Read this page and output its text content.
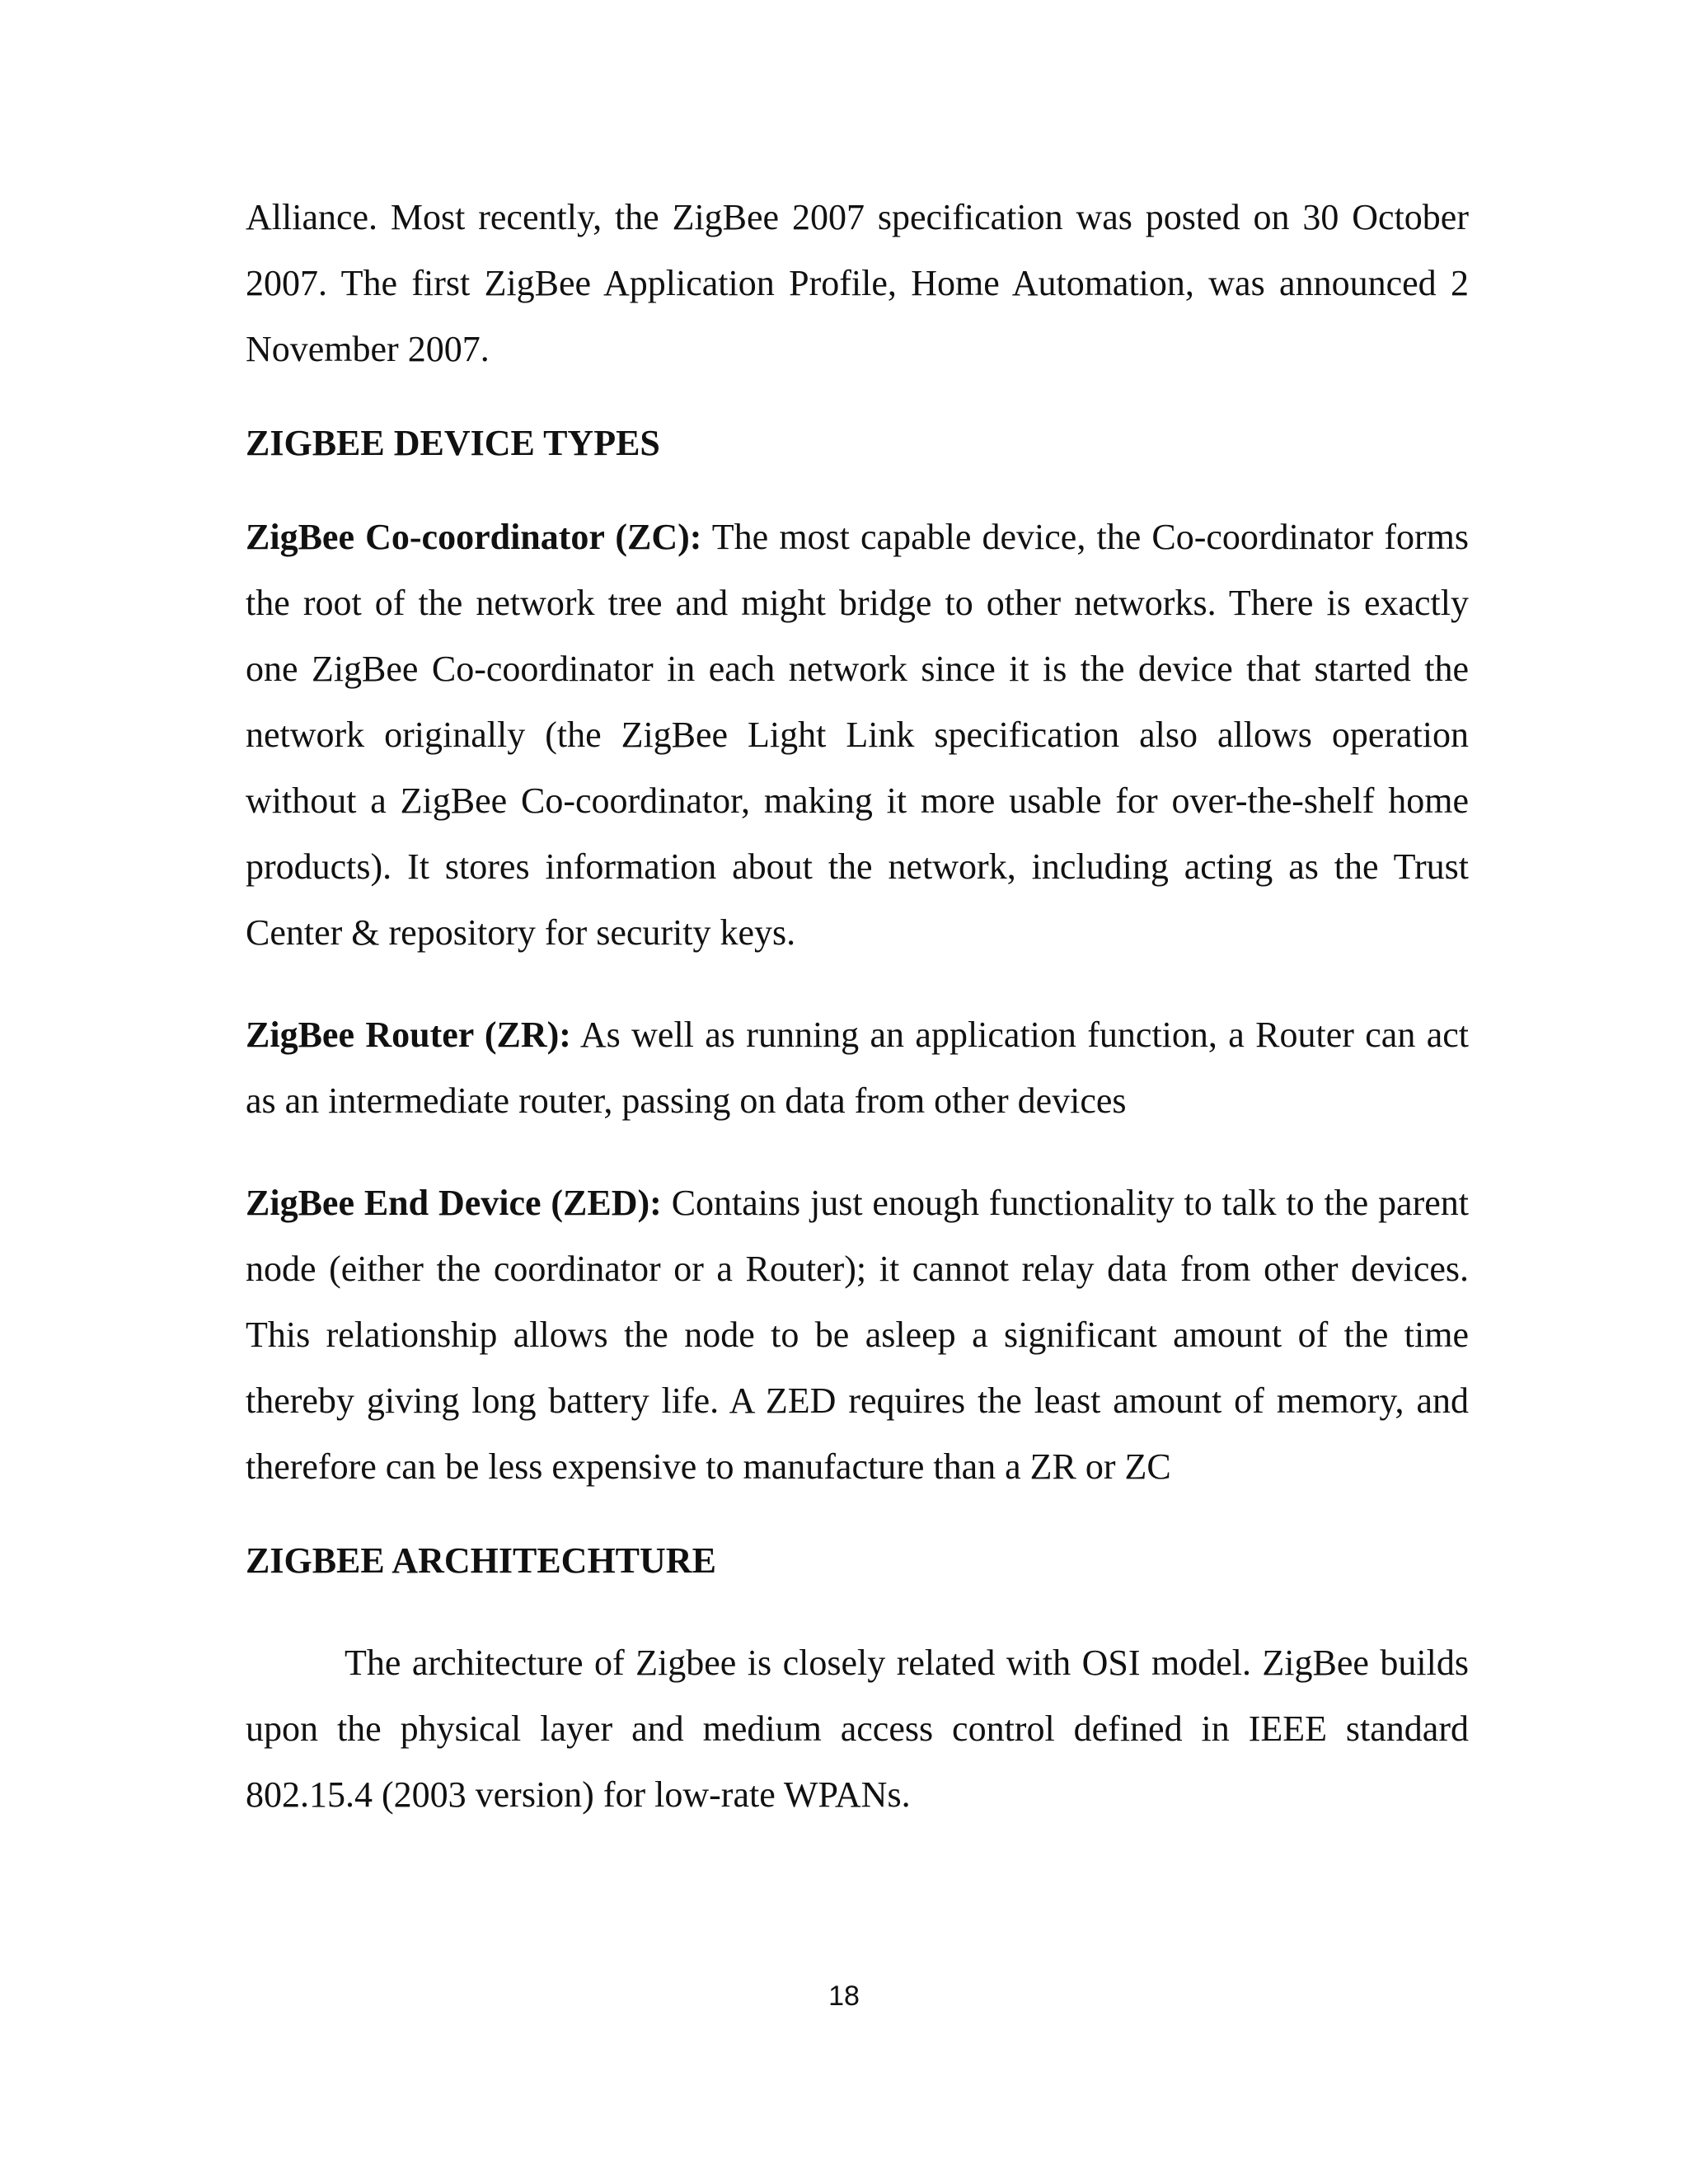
Alliance. Most recently, the ZigBee 2007 specification was posted on 30 October 2007. The first ZigBee Application Profile, Home Automation, was announced 2 November 2007.

ZIGBEE DEVICE TYPES

ZigBee Co-coordinator (ZC): The most capable device, the Co-coordinator forms the root of the network tree and might bridge to other networks. There is exactly one ZigBee Co-coordinator in each network since it is the device that started the network originally (the ZigBee Light Link specification also allows operation without a ZigBee Co-coordinator, making it more usable for over-the-shelf home products). It stores information about the network, including acting as the Trust Center & repository for security keys.

ZigBee Router (ZR): As well as running an application function, a Router can act as an intermediate router, passing on data from other devices

ZigBee End Device (ZED): Contains just enough functionality to talk to the parent node (either the coordinator or a Router); it cannot relay data from other devices. This relationship allows the node to be asleep a significant amount of the time thereby giving long battery life. A ZED requires the least amount of memory, and therefore can be less expensive to manufacture than a ZR or ZC

ZIGBEE ARCHITECHTURE

The architecture of Zigbee is closely related with OSI model. ZigBee builds upon the physical layer and medium access control defined in IEEE standard 802.15.4 (2003 version) for low-rate WPANs.

18
